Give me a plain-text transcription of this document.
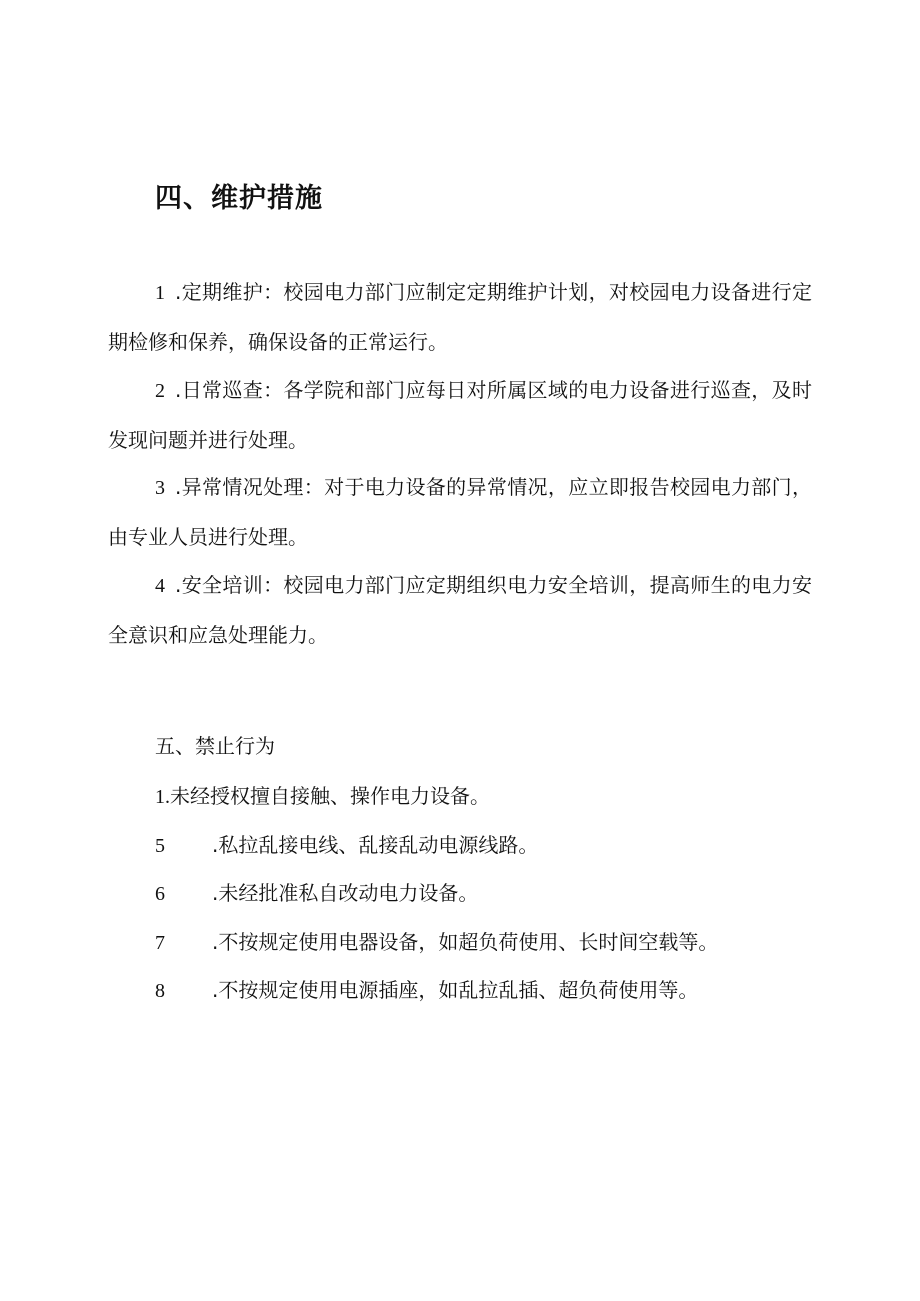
四、维护措施
1 .定期维护：校园电力部门应制定定期维护计划，对校园电力设备进行定期检修和保养，确保设备的正常运行。
2 .日常巡查：各学院和部门应每日对所属区域的电力设备进行巡查，及时发现问题并进行处理。
3 .异常情况处理：对于电力设备的异常情况，应立即报告校园电力部门，由专业人员进行处理。
4 .安全培训：校园电力部门应定期组织电力安全培训，提高师生的电力安全意识和应急处理能力。
五、禁止行为
1.未经授权擅自接触、操作电力设备。
5 .私拉乱接电线、乱接乱动电源线路。
6 .未经批准私自改动电力设备。
7 .不按规定使用电器设备，如超负荷使用、长时间空载等。
8 .不按规定使用电源插座，如乱拉乱插、超负荷使用等。
